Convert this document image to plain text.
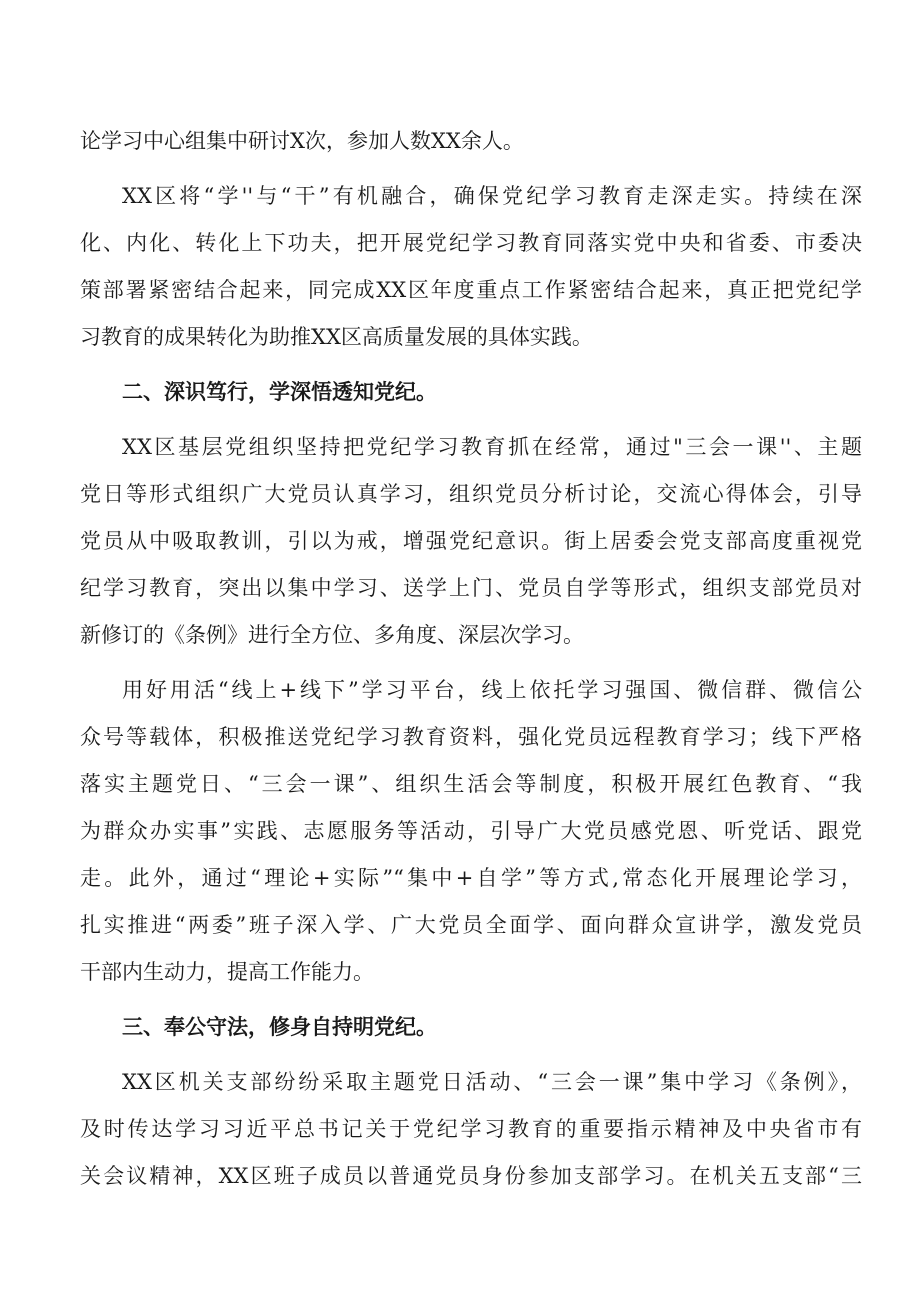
论学习中心组集中研讨X次，参加人数XX余人。
XX区将“学''与“干”有机融合，确保党纪学习教育走深走实。持续在深
化、内化、转化上下功夫，把开展党纪学习教育同落实党中央和省委、市委决
策部署紧密结合起来，同完成XX区年度重点工作紧密结合起来，真正把党纪学
习教育的成果转化为助推XX区高质量发展的具体实践。
二、深识笃行，学深悟透知党纪。
XX区基层党组织坚持把党纪学习教育抓在经常，通过"三会一课''、主题
党日等形式组织广大党员认真学习，组织党员分析讨论，交流心得体会，引导
党员从中吸取教训，引以为戒，增强党纪意识。街上居委会党支部高度重视党
纪学习教育，突出以集中学习、送学上门、党员自学等形式，组织支部党员对
新修订的《条例》进行全方位、多角度、深层次学习。
用好用活“线上+线下”学习平台，线上依托学习强国、微信群、微信公
众号等载体，积极推送党纪学习教育资料，强化党员远程教育学习；线下严格
落实主题党日、“三会一课”、组织生活会等制度，积极开展红色教育、“我
为群众办实事”实践、志愿服务等活动，引导广大党员感党恩、听党话、跟党
走。此外，通过“理论+实际”“集中+自学”等方式,常态化开展理论学习，
扎实推进“两委”班子深入学、广大党员全面学、面向群众宣讲学，激发党员
干部内生动力，提高工作能力。
三、奉公守法，修身自持明党纪。
XX区机关支部纷纷采取主题党日活动、“三会一课”集中学习《条例》，
及时传达学习习近平总书记关于党纪学习教育的重要指示精神及中央省市有
关会议精神，XX区班子成员以普通党员身份参加支部学习。在机关五支部“三
